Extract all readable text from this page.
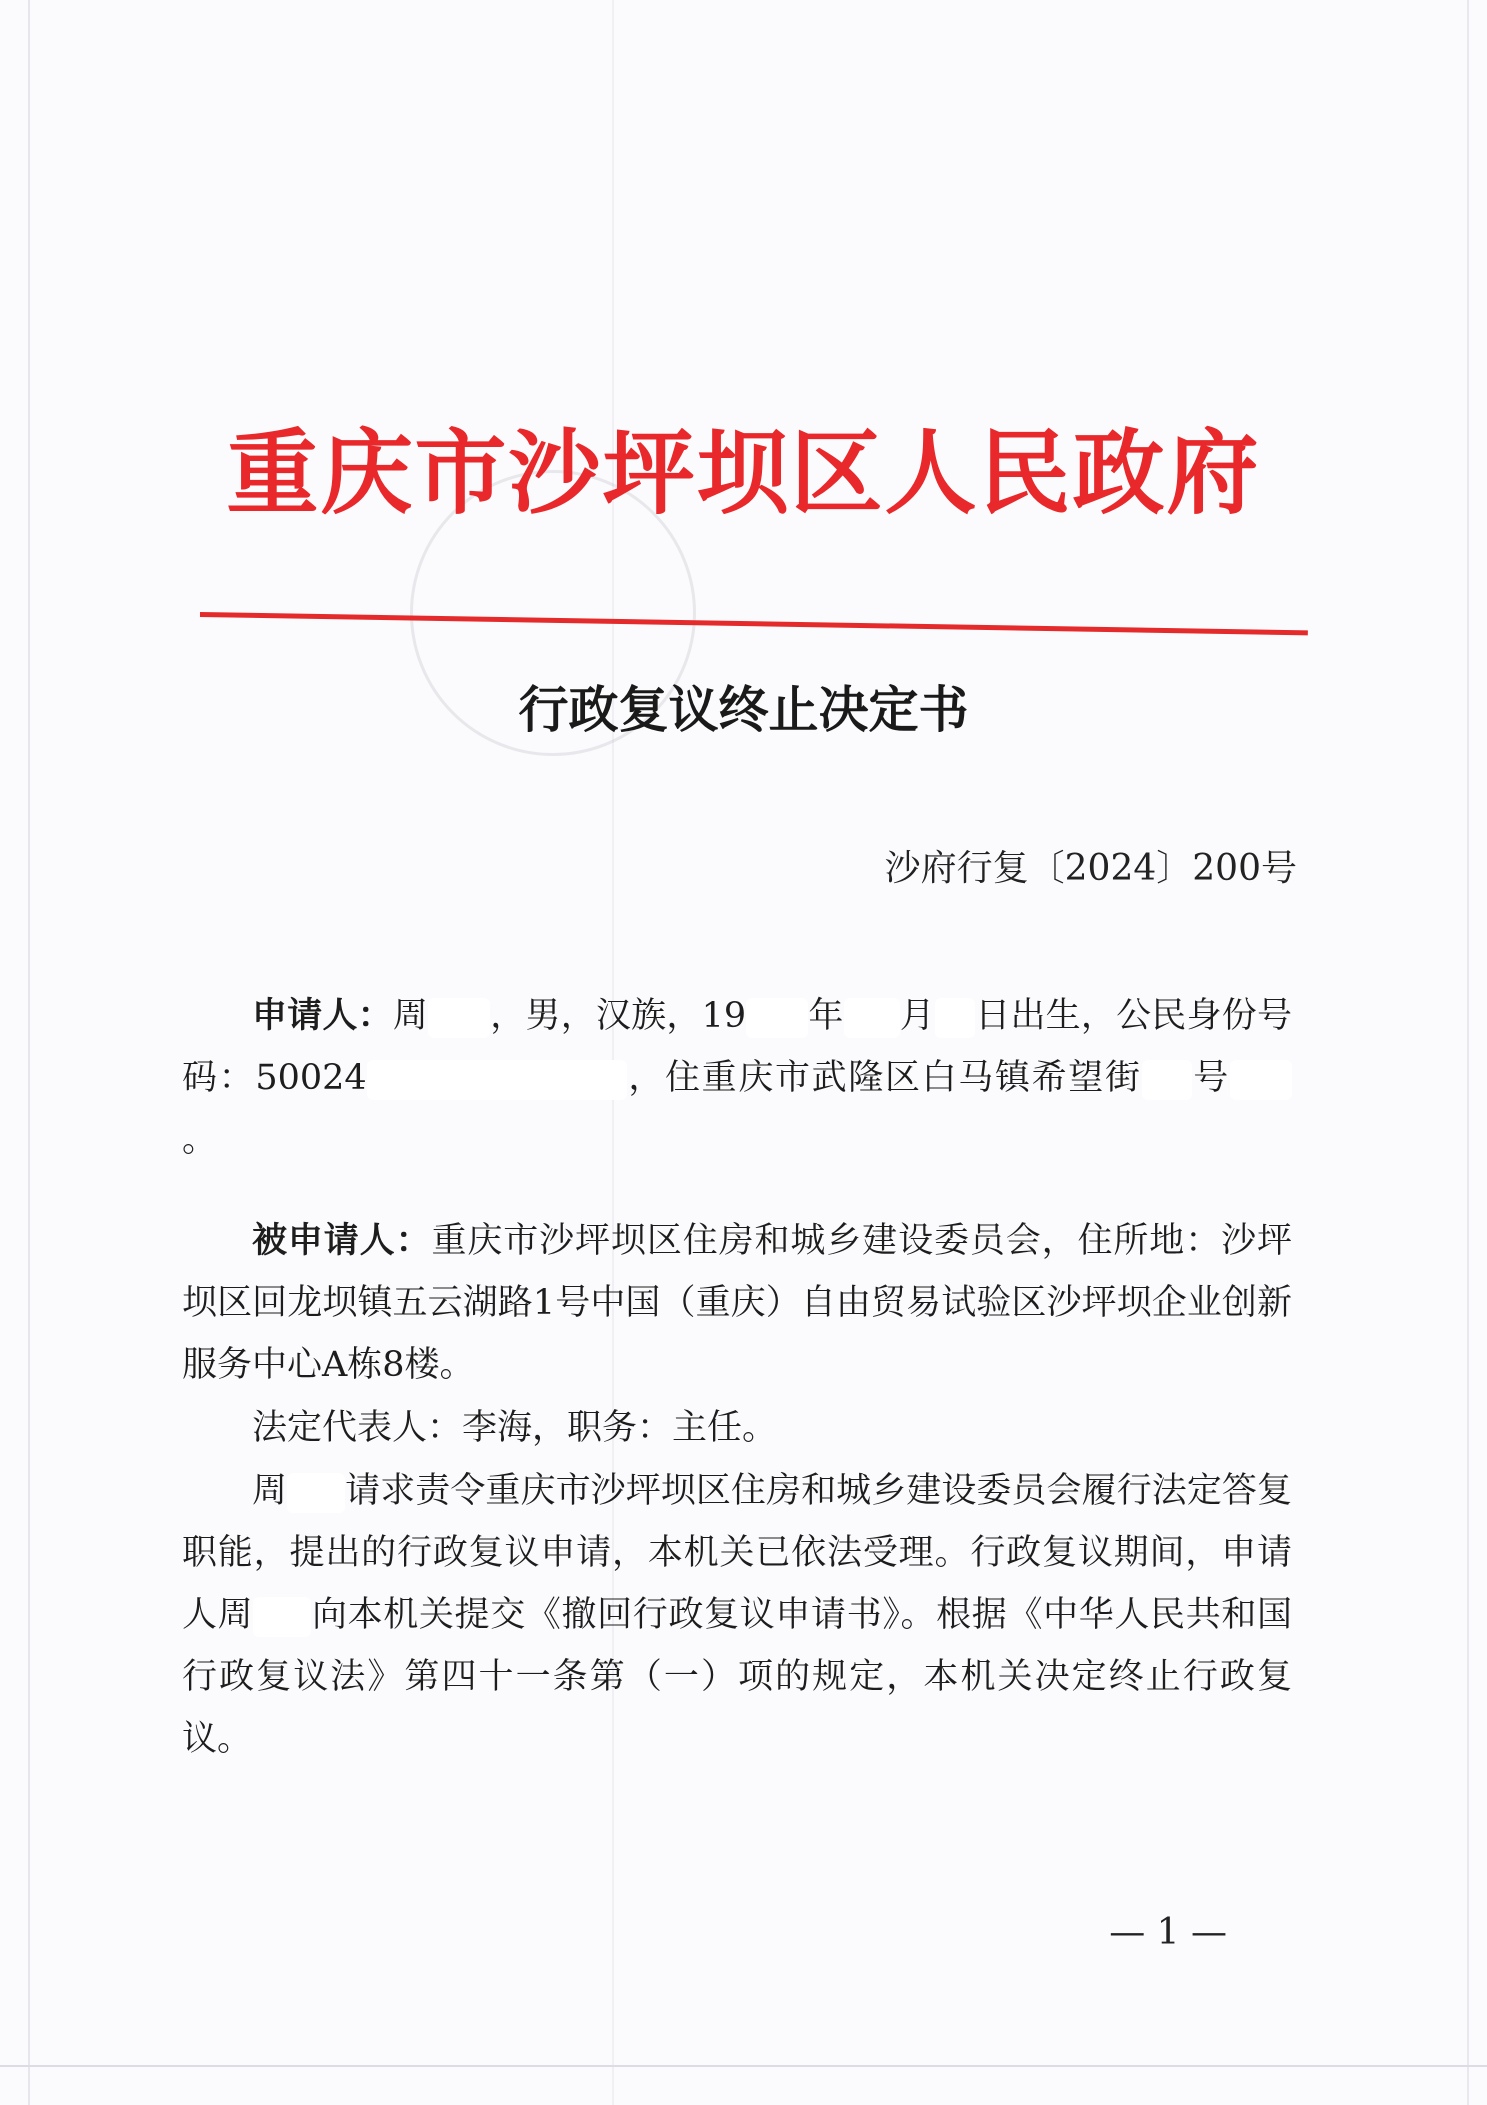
重庆市沙坪坝区人民政府
行政复议终止决定书
沙府行复〔2024〕200号
申请人：周 ，男，汉族，19 年 月 日出生，公民身份号码：50024	，住重庆市武隆区白马镇希望街 号。
被申请人：重庆市沙坪坝区住房和城乡建设委员会，住所地：沙坪坝区回龙坝镇五云湖路1号中国（重庆）自由贸易试验区沙坪坝企业创新服务中心A栋8楼。
法定代表人：李海，职务：主任。
周 请求责令重庆市沙坪坝区住房和城乡建设委员会履行法定答复职能，提出的行政复议申请，本机关已依法受理。行政复议期间，申请人周 向本机关提交《撤回行政复议申请书》。根据《中华人民共和国行政复议法》第四十一条第（一）项的规定，本机关决定终止行政复议。
— 1 —
